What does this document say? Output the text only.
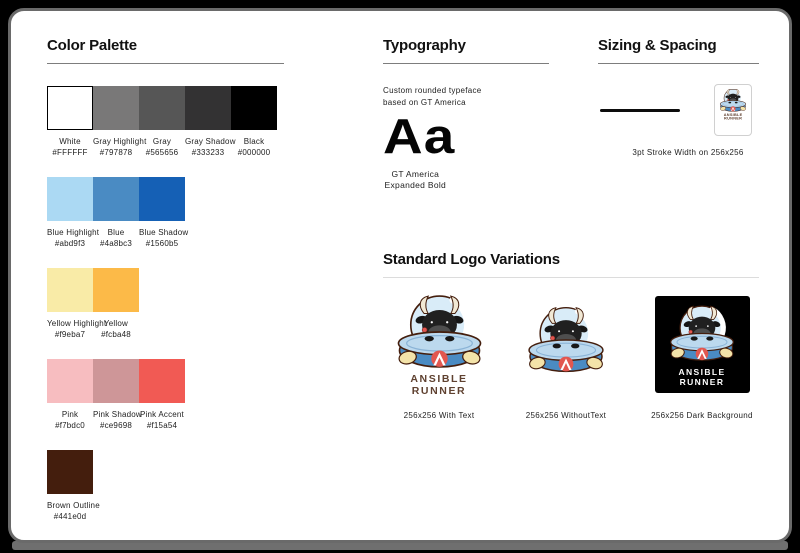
Color Palette
White
#FFFFFF
Gray Highlight
#797878
Gray
#565656
Gray Shadow
#333233
Black
#000000
Blue Highlight
#abd9f3
Blue
#4a8bc3
Blue Shadow
#1560b5
Yellow Highlight
#f9eba7
Yellow
#fcba48
Pink
#f7bdc0
Pink Shadow
#ce9698
Pink Accent
#f15a54
Brown Outline
#441e0d
Typography
Custom rounded typeface
based on GT America
Aa
GT America
Expanded Bold
Sizing & Spacing
ANSIBLE
RUNNER
3pt Stroke Width on 256x256
Standard Logo Variations
ANSIBLE
RUNNER
256x256 With Text	256x256 WithoutText
ANSIBLE
RUNNER
256x256 Dark Background
